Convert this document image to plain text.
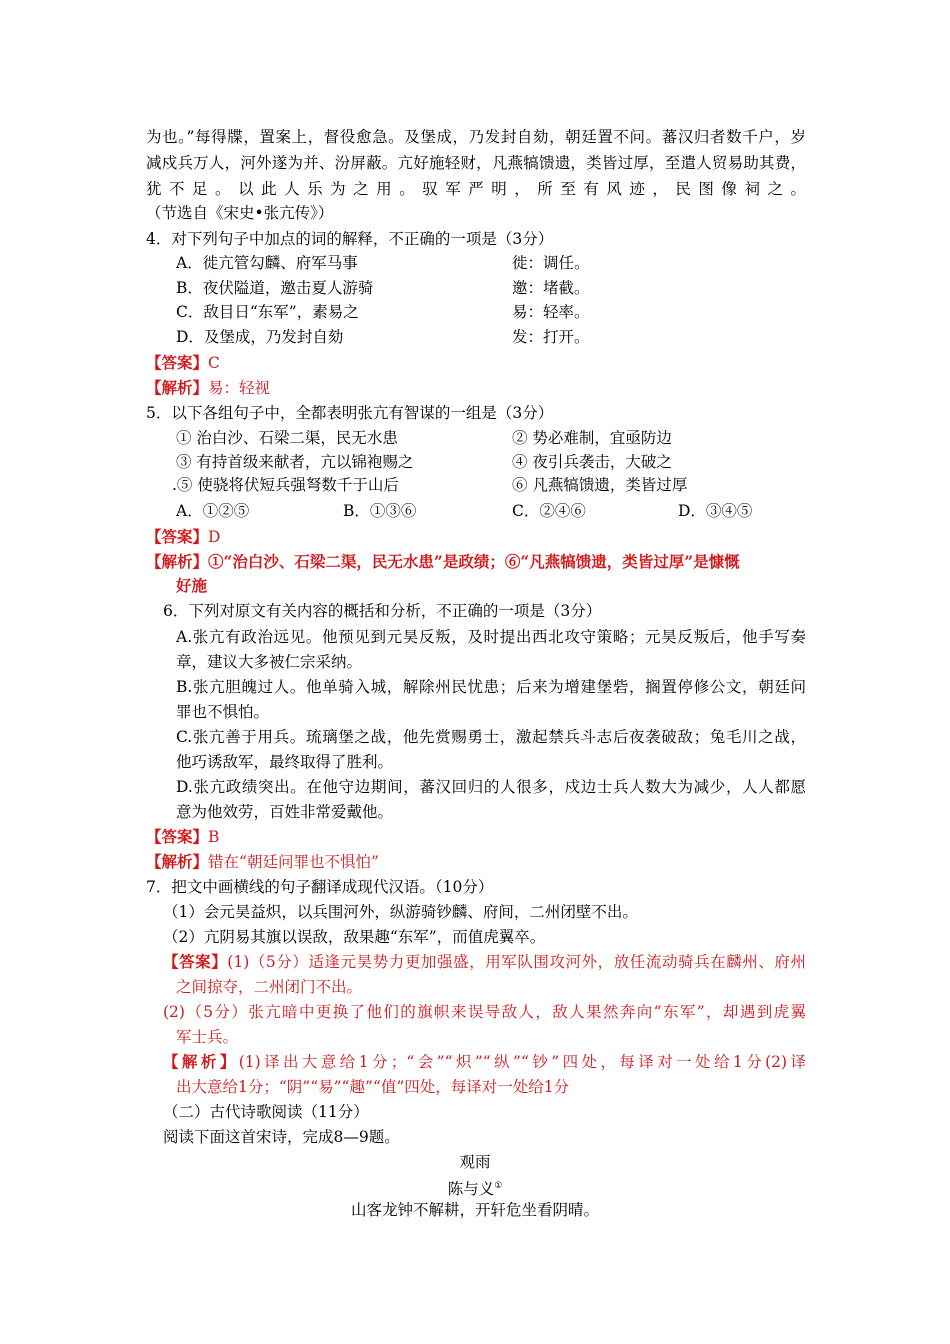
为也。”每得牒，置案上，督役愈急。及堡成，乃发封自劾，朝廷置不问。蕃汉归者数千户，岁
减戍兵万人，河外遂为并、汾屏蔽。亢好施轻财，凡燕犒馈遗，类皆过厚，至遣人贸易助其费，
犹 不 足 。 以 此 人 乐 为 之 用 。 驭 军 严 明 ， 所 至 有 风 迹 ， 民 图 像 祠 之 。
（节选自《宋史•张亢传》）
4．对下列句子中加点的词的解释，不正确的一项是（3分）
A．徙亢管勾麟、府军马事	徙：调任。
B．夜伏隘道，邀击夏人游骑	邀：堵截。
C．敌目日“东军”，素易之	易：轻率。
D．及堡成，乃发封自劾	发：打开。
【答案】C
【解析】易：轻视
5．以下各组句子中，全都表明张亢有智谋的一组是（3分）
① 治白沙、石梁二渠，民无水患	② 势必难制，宜亟防边
③ 有持首级来献者，亢以锦袍赐之	④ 夜引兵袭击，大破之
.⑤ 使骁将伏短兵强弩数千于山后	⑥ 凡燕犒馈遗，类皆过厚
A．①②⑤	B．①③⑥	C．②④⑥	D．③④⑤
【答案】D
【解析】①“治白沙、石梁二渠，民无水患”是政绩；⑥“凡燕犒馈遗，类皆过厚”是慷慨
好施
6．下列对原文有关内容的概括和分析，不正确的一项是（3分）
A.张亢有政治远见。他预见到元昊反叛，及时提出西北攻守策略；元昊反叛后，他手写奏
章，建议大多被仁宗采纳。
B.张亢胆魄过人。他单骑入城，解除州民忧患；后来为增建堡砦，搁置停修公文，朝廷问
罪也不惧怕。
C.张亢善于用兵。琉璃堡之战，他先赏赐勇士，激起禁兵斗志后夜袭破敌；兔毛川之战，
他巧诱敌军，最终取得了胜利。
D.张亢政绩突出。在他守边期间，蕃汉回归的人很多，戍边士兵人数大为减少，人人都愿
意为他效劳，百姓非常爱戴他。
【答案】B
【解析】错在“朝廷问罪也不惧怕”
7．把文中画横线的句子翻译成现代汉语。（10分）
（1）会元昊益炽，以兵围河外，纵游骑钞麟、府间，二州闭壁不出。
（2）亢阴易其旗以误敌，敌果趣“东军”，而值虎翼卒。
【答案】(1)（5分）适逢元昊势力更加强盛，用军队围攻河外，放任流动骑兵在麟州、府州
之间掠夺，二州闭门不出。
(2)（5分）张亢暗中更换了他们的旗帜来误导敌人，敌人果然奔向“东军”，却遇到虎翼
军士兵。
【解析】(1)译出大意给1分；“会”“炽”“纵”“钞”四处，每译对一处给1分(2)译
出大意给1分；“阴”“易”“趣”“值”四处，每译对一处给1分
（二）古代诗歌阅读（11分）
阅读下面这首宋诗，完成8—9题。
观雨
陈与义①
山客龙钟不解耕，开轩危坐看阴晴。
